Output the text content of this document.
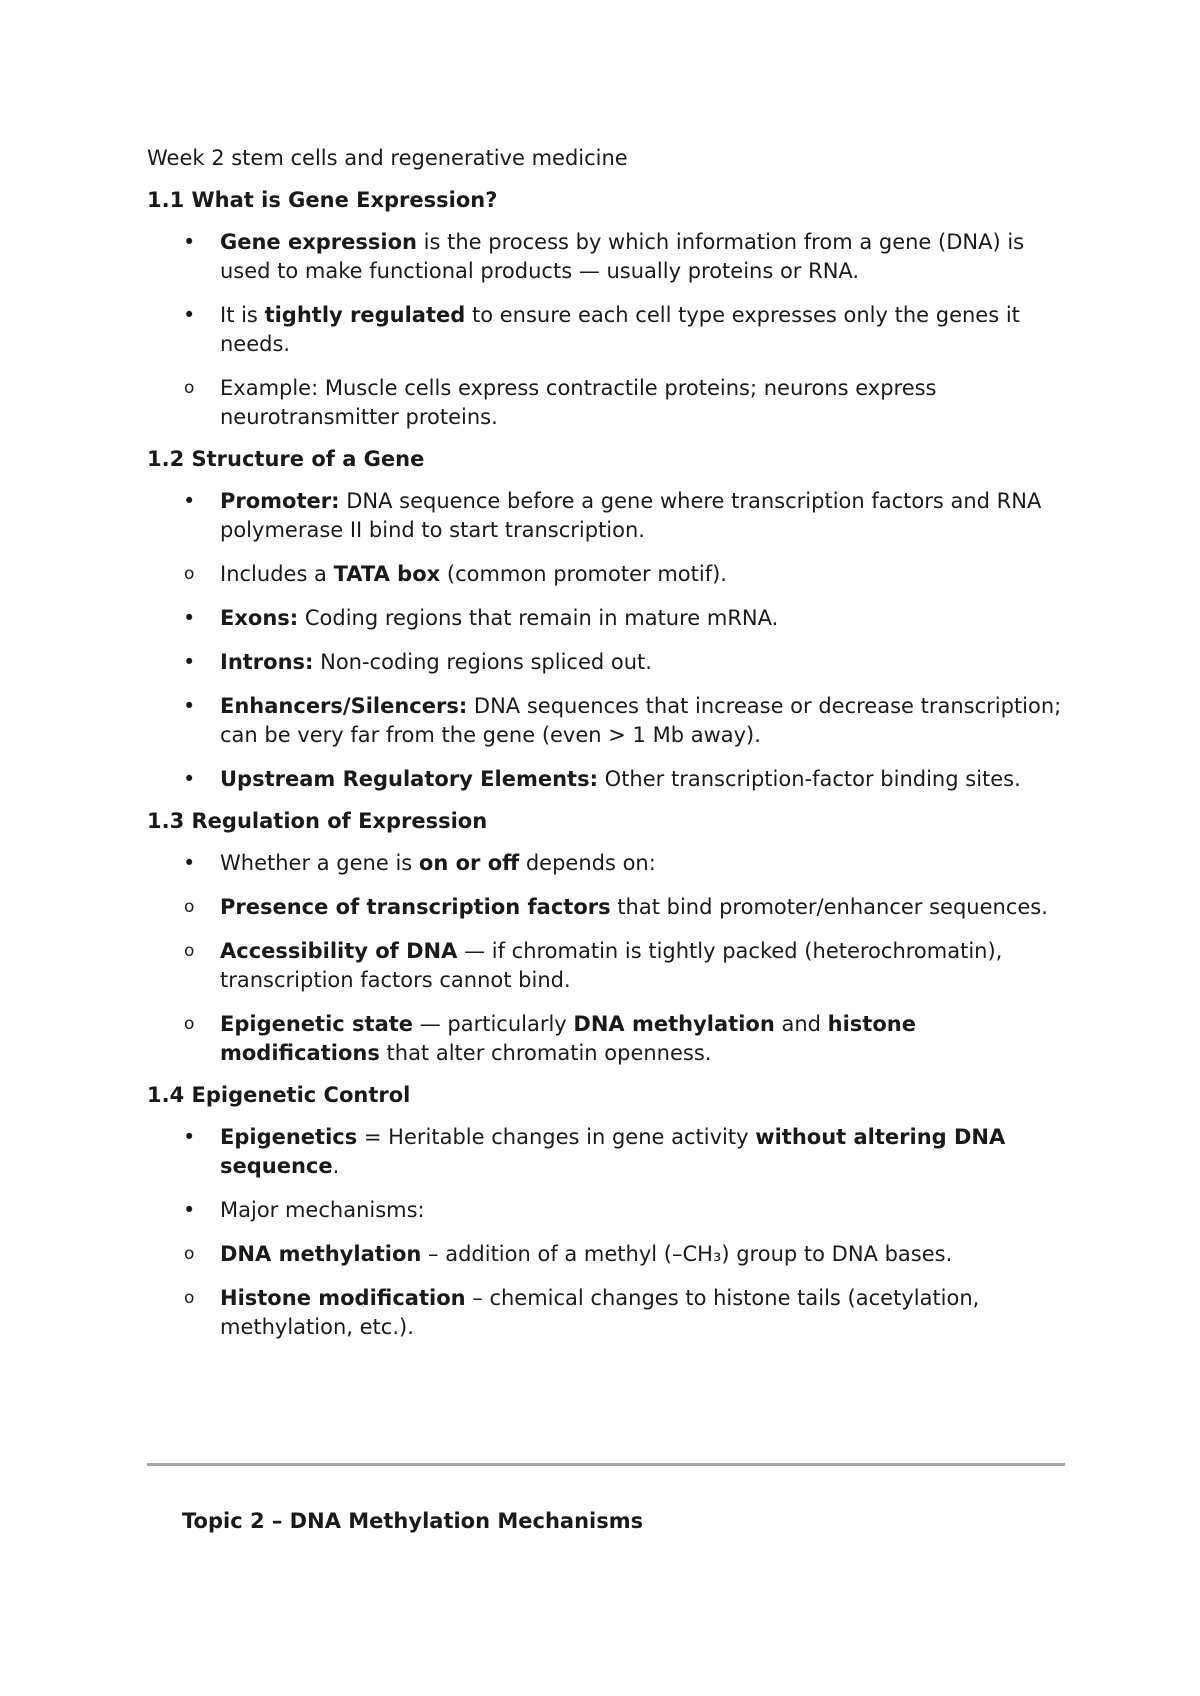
Week 2 stem cells and regenerative medicine
1.1 What is Gene Expression?
• Gene expression is the process by which information from a gene (DNA) is used to make functional products — usually proteins or RNA.
• It is tightly regulated to ensure each cell type expresses only the genes it needs.
o Example: Muscle cells express contractile proteins; neurons express neurotransmitter proteins.
1.2 Structure of a Gene
• Promoter: DNA sequence before a gene where transcription factors and RNA polymerase II bind to start transcription.
o Includes a TATA box (common promoter motif).
• Exons: Coding regions that remain in mature mRNA.
• Introns: Non-coding regions spliced out.
• Enhancers/Silencers: DNA sequences that increase or decrease transcription; can be very far from the gene (even > 1 Mb away).
• Upstream Regulatory Elements: Other transcription-factor binding sites.
1.3 Regulation of Expression
• Whether a gene is on or off depends on:
o Presence of transcription factors that bind promoter/enhancer sequences.
o Accessibility of DNA — if chromatin is tightly packed (heterochromatin), transcription factors cannot bind.
o Epigenetic state — particularly DNA methylation and histone modifications that alter chromatin openness.
1.4 Epigenetic Control
• Epigenetics = Heritable changes in gene activity without altering DNA sequence.
• Major mechanisms:
o DNA methylation – addition of a methyl (–CH₃) group to DNA bases.
o Histone modification – chemical changes to histone tails (acetylation, methylation, etc.).
Topic 2 – DNA Methylation Mechanisms
